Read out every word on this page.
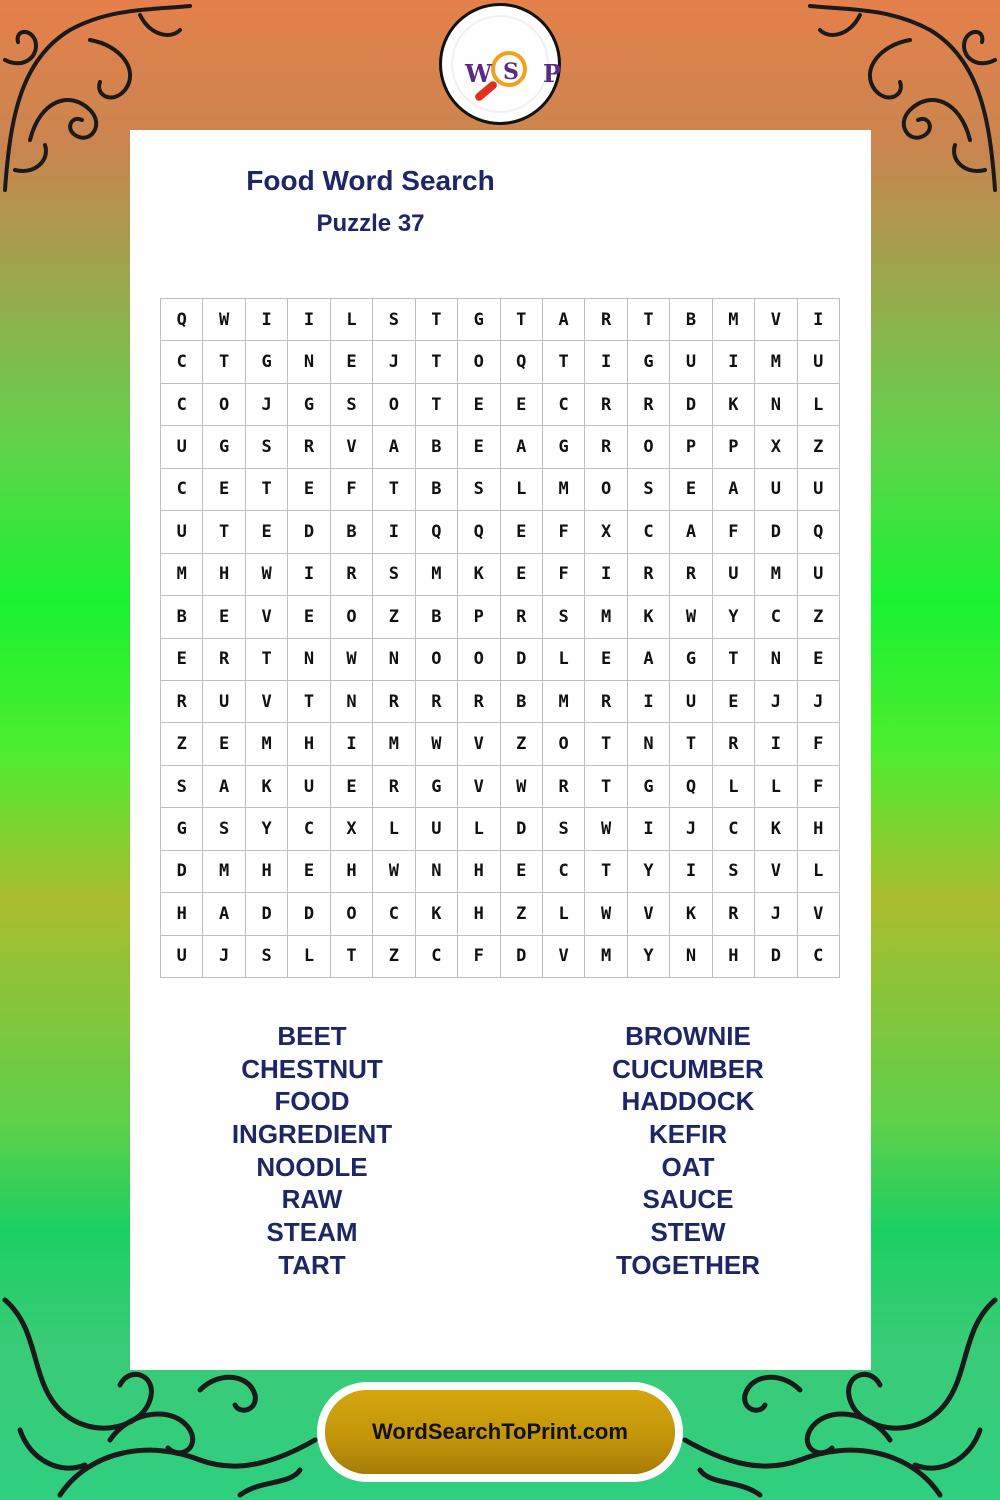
W S P
Food Word Search
Puzzle 37
Q	W	I	I	L	S	T	G	T	A	R	T	B	M	V	I
C	T	G	N	E	J	T	O	Q	T	I	G	U	I	M	U
C	O	J	G	S	O	T	E	E	C	R	R	D	K	N	L
U	G	S	R	V	A	B	E	A	G	R	O	P	P	X	Z
C	E	T	E	F	T	B	S	L	M	O	S	E	A	U	U
U	T	E	D	B	I	Q	Q	E	F	X	C	A	F	D	Q
M	H	W	I	R	S	M	K	E	F	I	R	R	U	M	U
B	E	V	E	O	Z	B	P	R	S	M	K	W	Y	C	Z
E	R	T	N	W	N	O	O	D	L	E	A	G	T	N	E
R	U	V	T	N	R	R	R	B	M	R	I	U	E	J	J
Z	E	M	H	I	M	W	V	Z	O	T	N	T	R	I	F
S	A	K	U	E	R	G	V	W	R	T	G	Q	L	L	F
G	S	Y	C	X	L	U	L	D	S	W	I	J	C	K	H
D	M	H	E	H	W	N	H	E	C	T	Y	I	S	V	L
H	A	D	D	O	C	K	H	Z	L	W	V	K	R	J	V
U	J	S	L	T	Z	C	F	D	V	M	Y	N	H	D	C
BEET
CHESTNUT
FOOD
INGREDIENT
NOODLE
RAW
STEAM
TART
BROWNIE
CUCUMBER
HADDOCK
KEFIR
OAT
SAUCE
STEW
TOGETHER
WordSearchToPrint.com
